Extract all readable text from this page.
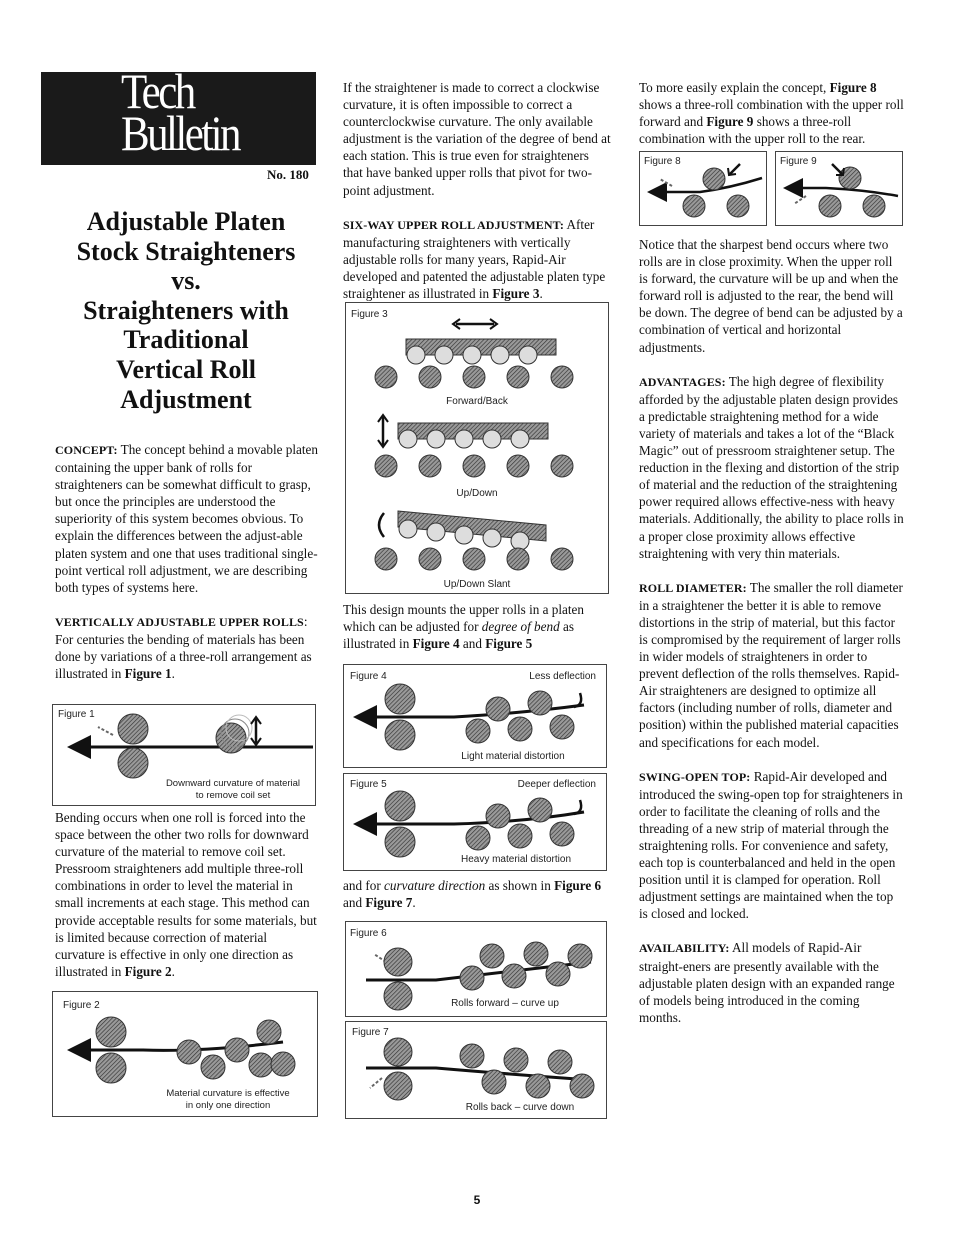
Tech
Bulletin
No. 180
Adjustable Platen
Stock Straighteners
vs.
Straighteners with
Traditional
Vertical Roll
Adjustment

CONCEPT: The concept behind a movable platen containing the upper bank of rolls for straighteners can be somewhat difficult to grasp, but once the principles are understood the superiority of this system becomes obvious. To explain the differences between the adjust-able platen system and one that uses traditional single-point vertical roll adjustment, we are describing both types of systems here.

VERTICALLY ADJUSTABLE UPPER ROLLS: For centuries the bending of materials has been done by variations of a three-roll arrangement as illustrated in Figure 1.

Bending occurs when one roll is forced into the space between the other two rolls for downward curvature of the material to remove coil set. Pressroom straighteners add multiple three-roll combinations in order to level the material in small increments at each stage. This method can provide acceptable results for some materials, but is limited because correction of material curvature is effective in only one direction as illustrated in Figure 2.

If the straightener is made to correct a clockwise curvature, it is often impossible to correct a counterclockwise curvature. The only available adjustment is the variation of the degree of bend at each station. This is true even for straighteners that have banked upper rolls that pivot for two-point adjustment.

SIX-WAY UPPER ROLL ADJUSTMENT: After manufacturing straighteners with vertically adjustable rolls for many years, Rapid-Air developed and patented the adjustable platen type straightener as illustrated in Figure 3.

This design mounts the upper rolls in a platen which can be adjusted for degree of bend as illustrated in Figure 4 and Figure 5

and for curvature direction as shown in Figure 6 and Figure 7.

To more easily explain the concept, Figure 8 shows a three-roll combination with the upper roll forward and Figure 9 shows a three-roll combination with the upper roll to the rear.

Notice that the sharpest bend occurs where two rolls are in close proximity. When the upper roll is forward, the curvature will be up and when the forward roll is adjusted to the rear, the bend will be down. The degree of bend can be adjusted by a combination of vertical and horizontal adjustments.

ADVANTAGES: The high degree of flexibility afforded by the adjustable platen design provides a predictable straightening method for a wide variety of materials and takes a lot of the “Black Magic” out of pressroom straightener setup. The reduction in the flexing and distortion of the strip of material and the reduction of the straightening power required allows effective-ness with heavy materials. Additionally, the ability to place rolls in a proper close proximity allows effective straightening with very thin materials.

ROLL DIAMETER: The smaller the roll diameter in a straightener the better it is able to remove distortions in the strip of material, but this factor is compromised by the requirement of larger rolls in wider models of straighteners in order to prevent deflection of the rolls themselves. Rapid-Air straighteners are designed to optimize all factors (including number of rolls, diameter and position) within the published material capacities and specifications for each model.

SWING-OPEN TOP: Rapid-Air developed and introduced the swing-open top for straighteners in order to facilitate the cleaning of rolls and the threading of a new strip of material through the straightening rolls. For convenience and safety, each top is counterbalanced and held in the open position until it is clamped for operation. Roll adjustment settings are maintained when the top is closed and locked.

AVAILABILITY: All models of Rapid-Air straight-eners are presently available with the adjustable platen design with an expanded range of models being introduced in the coming months.

Figure 1
Downward curvature of material
to remove coil set
Figure 2
Material curvature is effective
in only one direction
Figure 3
Forward/Back
Up/Down
Up/Down Slant
Figure 4	Less deflection
Light material distortion
Figure 5	Deeper deflection
Heavy material distortion
Figure 6
Rolls forward – curve up
Figure 7
Rolls back – curve down
Figure 8	Figure 9
5
